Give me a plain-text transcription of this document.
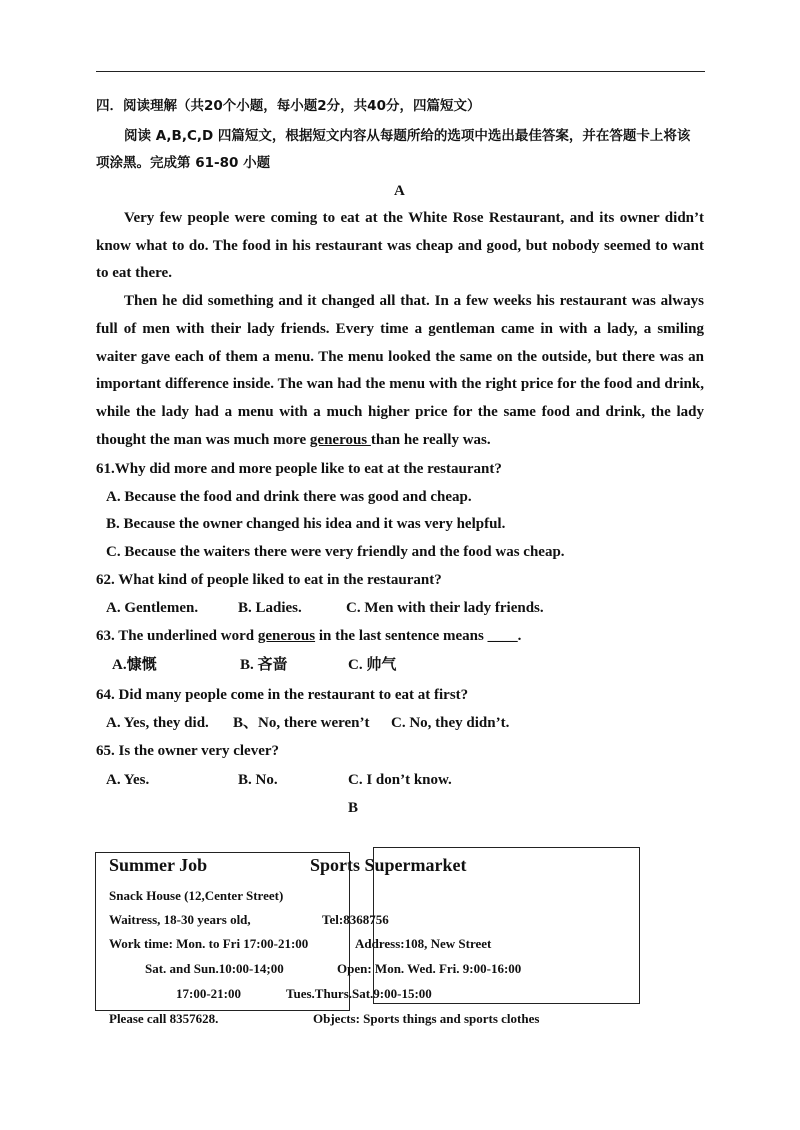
四．阅读理解（共20个小题，每小题2分，共40分，四篇短文）
阅读 A,B,C,D 四篇短文，根据短文内容从每题所给的选项中选出最佳答案，并在答题卡上将该
项涂黑。完成第 61-80 小题
A

Very few people were coming to eat at the White Rose Restaurant, and its owner didn’t know what to do. The food in his restaurant was cheap and good, but nobody seemed to want to eat there.

Then he did something and it changed all that. In a few weeks his restaurant was always full of men with their lady friends. Every time a gentleman came in with a lady, a smiling waiter gave each of them a menu. The menu looked the same on the outside, but there was an important difference inside. The wan had the menu with the right price for the food and drink, while the lady had a menu with a much higher price for the same food and drink, the lady thought the man was much more generous than he really was.

61.Why did more and more people like to eat at the restaurant?
A. Because the food and drink there was good and cheap.
B. Because the owner changed his idea and it was very helpful.
C. Because the waiters there were very friendly and the food was cheap.
62. What kind of people liked to eat in the restaurant?
A. Gentlemen.	B. Ladies.	C. Men with their lady friends.
63. The underlined word generous in the last sentence means ____.
A.慷慨	B. 吝啬	C. 帅气
64. Did many people come in the restaurant to eat at first?
A. Yes, they did. B、No, there weren’t C. No, they didn’t.
65. Is the owner very clever?
A. Yes.	B. No.	C. I don’t know.
B
Summer Job	Sports Supermarket
Snack House (12,Center Street)
Waitress, 18-30 years old,	Tel:8368756
Work time: Mon. to Fri 17:00-21:00	Address:108, New Street
Sat. and Sun.10:00-14;00	Open: Mon. Wed. Fri. 9:00-16:00
17:00-21:00	Tues.Thurs.Sat.9:00-15:00
Please call 8357628.	Objects: Sports things and sports clothes
